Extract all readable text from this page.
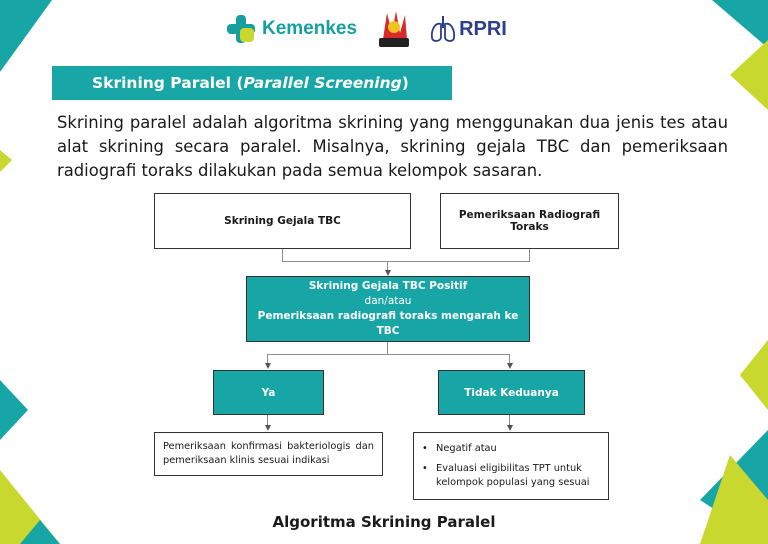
Kemenkes	RPRI
Skrining Paralel (Parallel Screening)

Skrining paralel adalah algoritma skrining yang menggunakan dua jenis tes atau alat skrining secara paralel. Misalnya, skrining gejala TBC dan pemeriksaan radiografi toraks dilakukan pada semua kelompok sasaran.

Skrining Gejala TBC	Pemeriksaan Radiografi Toraks
Skrining Gejala TBC Positif
dan/atau
Pemeriksaan radiografi toraks mengarah ke TBC
Ya	Tidak Keduanya
Pemeriksaan konfirmasi bakteriologis dan pemeriksaan klinis sesuai indikasi
• Negatif atau
• Evaluasi eligibilitas TPT untuk kelompok populasi yang sesuai
Algoritma Skrining Paralel
